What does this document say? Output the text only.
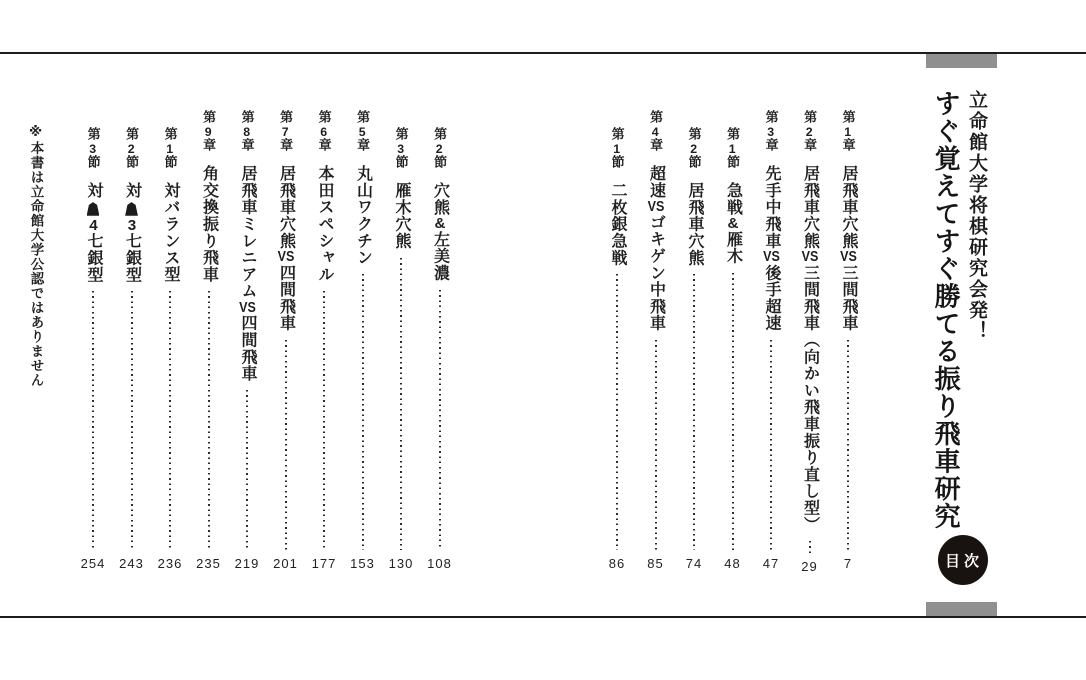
立命館大学将棋研究会発！
すぐ覚えてすぐ勝てる振り飛車研究
目次
第1章
居飛車穴熊VS三間飛車
7
第2章
居飛車穴熊VS三間飛車（向かい飛車振り直し型）
29
第3章
先手中飛車VS後手超速
47
第1節
急戦&雁木
48
第2節
居飛車穴熊
74
第4章
超速VSゴキゲン中飛車
85
第1節
二枚銀急戦
86
第2節
穴熊&左美濃
108
第3節
雁木穴熊
130
第5章
丸山ワクチン
153
第6章
本田スペシャル
177
第7章
居飛車穴熊VS四間飛車
201
第8章
居飛車ミレニアムVS四間飛車
219
第9章
角交換振り飛車
235
第1節
対バランス型
236
第2節
対3七銀型
243
第3節
対4七銀型
254
※本書は立命館大学公認ではありません
